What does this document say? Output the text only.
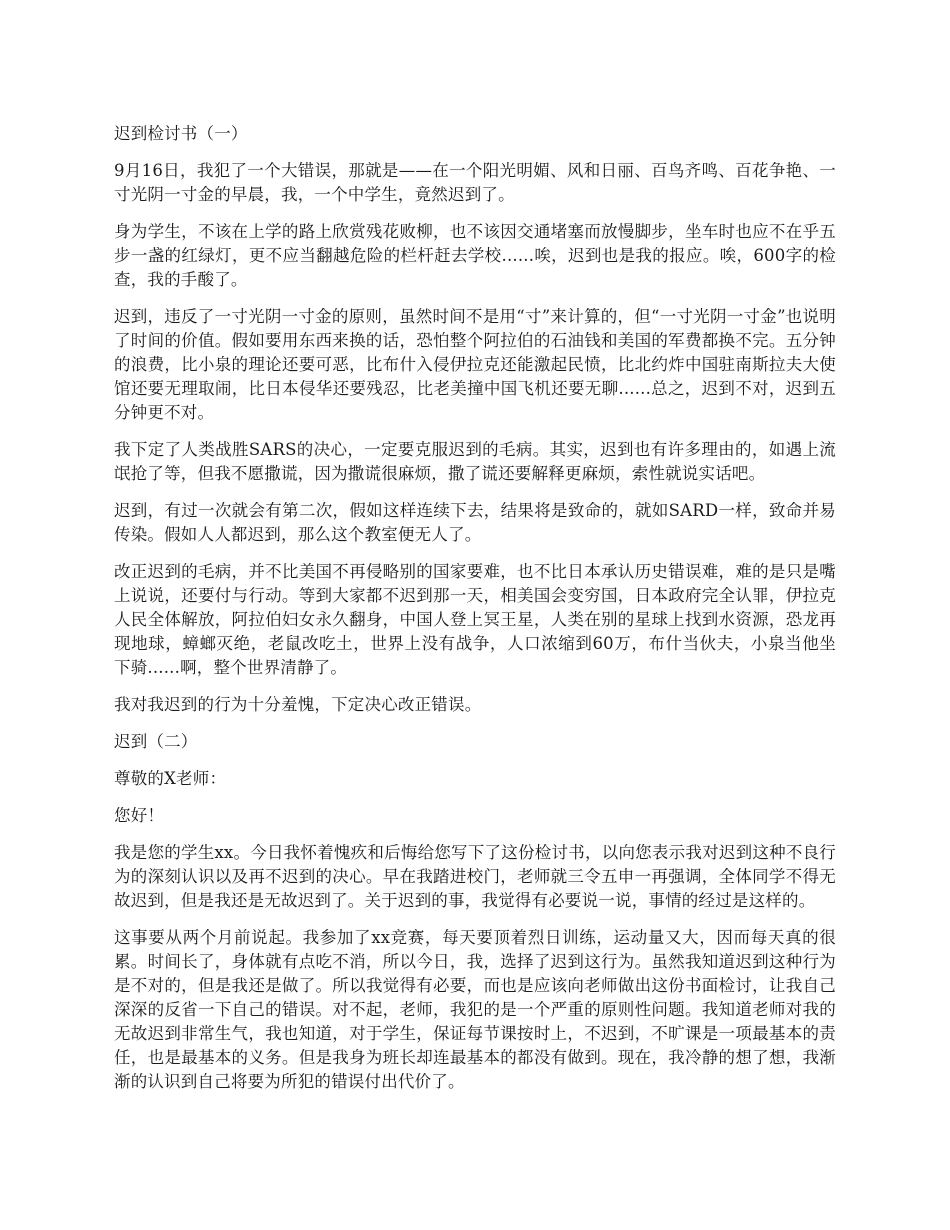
迟到检讨书（一）

9月16日，我犯了一个大错误，那就是——在一个阳光明媚、风和日丽、百鸟齐鸣、百花争艳、一寸光阴一寸金的早晨，我，一个中学生，竟然迟到了。

身为学生，不该在上学的路上欣赏残花败柳，也不该因交通堵塞而放慢脚步，坐车时也应不在乎五步一盏的红绿灯，更不应当翻越危险的栏杆赶去学校......唉，迟到也是我的报应。唉，600字的检查，我的手酸了。

迟到，违反了一寸光阴一寸金的原则，虽然时间不是用“寸”来计算的，但“一寸光阴一寸金”也说明了时间的价值。假如要用东西来换的话，恐怕整个阿拉伯的石油钱和美国的军费都换不完。五分钟的浪费，比小泉的理论还要可恶，比布什入侵伊拉克还能激起民愤，比北约炸中国驻南斯拉夫大使馆还要无理取闹，比日本侵华还要残忍，比老美撞中国飞机还要无聊......总之，迟到不对，迟到五分钟更不对。

我下定了人类战胜SARS的决心，一定要克服迟到的毛病。其实，迟到也有许多理由的，如遇上流氓抢了等，但我不愿撒谎，因为撒谎很麻烦，撒了谎还要解释更麻烦，索性就说实话吧。

迟到，有过一次就会有第二次，假如这样连续下去，结果将是致命的，就如SARD一样，致命并易传染。假如人人都迟到，那么这个教室便无人了。

改正迟到的毛病，并不比美国不再侵略别的国家要难，也不比日本承认历史错误难，难的是只是嘴上说说，还要付与行动。等到大家都不迟到那一天，相美国会变穷国，日本政府完全认罪，伊拉克人民全体解放，阿拉伯妇女永久翻身，中国人登上冥王星，人类在别的星球上找到水资源，恐龙再现地球，蟑螂灭绝，老鼠改吃土，世界上没有战争，人口浓缩到60万，布什当伙夫，小泉当他坐下骑......啊，整个世界清静了。

我对我迟到的行为十分羞愧，下定决心改正错误。

迟到（二）

尊敬的X老师：

您好！

我是您的学生xx。今日我怀着愧疚和后悔给您写下了这份检讨书，以向您表示我对迟到这种不良行为的深刻认识以及再不迟到的决心。早在我踏进校门，老师就三令五申一再强调，全体同学不得无故迟到，但是我还是无故迟到了。关于迟到的事，我觉得有必要说一说，事情的经过是这样的。

这事要从两个月前说起。我参加了xx竞赛，每天要顶着烈日训练，运动量又大，因而每天真的很累。时间长了，身体就有点吃不消，所以今日，我，选择了迟到这行为。虽然我知道迟到这种行为是不对的，但是我还是做了。所以我觉得有必要，而也是应该向老师做出这份书面检讨，让我自己深深的反省一下自己的错误。对不起，老师，我犯的是一个严重的原则性问题。我知道老师对我的无故迟到非常生气，我也知道，对于学生，保证每节课按时上，不迟到，不旷课是一项最基本的责任，也是最基本的义务。但是我身为班长却连最基本的都没有做到。现在，我冷静的想了想，我渐渐的认识到自己将要为所犯的错误付出代价了。
